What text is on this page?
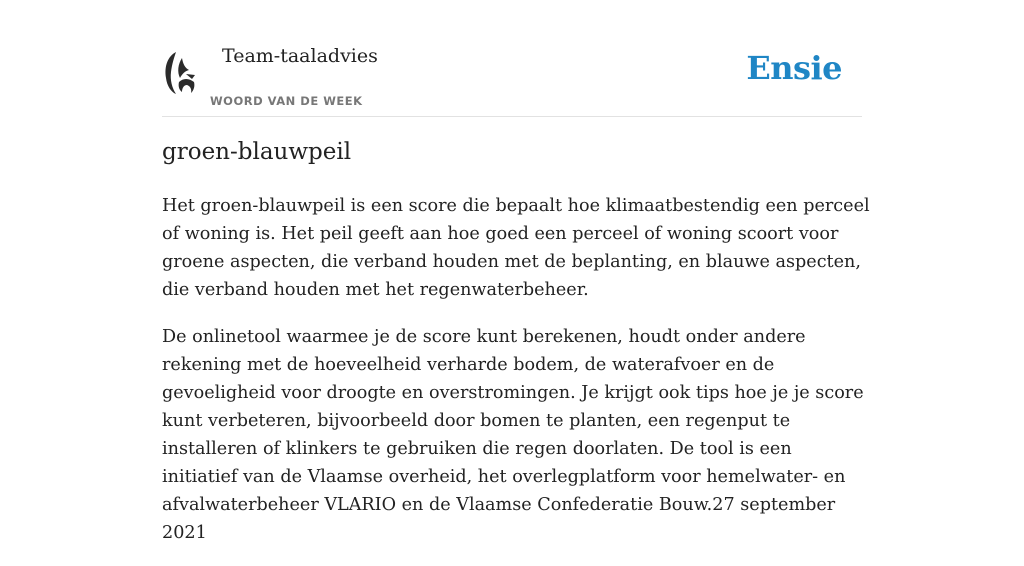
Team-taaladvies
WOORD VAN DE WEEK
Ensie
groen-blauwpeil

Het groen-blauwpeil is een score die bepaalt hoe klimaatbestendig een perceel of woning is. Het peil geeft aan hoe goed een perceel of woning scoort voor groene aspecten, die verband houden met de beplanting, en blauwe aspecten, die verband houden met het regenwaterbeheer.

De onlinetool waarmee je de score kunt berekenen, houdt onder andere rekening met de hoeveelheid verharde bodem, de waterafvoer en de gevoeligheid voor droogte en overstromingen. Je krijgt ook tips hoe je je score kunt verbeteren, bijvoorbeeld door bomen te planten, een regenput te installeren of klinkers te gebruiken die regen doorlaten. De tool is een initiatief van de Vlaamse overheid, het overlegplatform voor hemelwater- en afvalwaterbeheer VLARIO en de Vlaamse Confederatie Bouw.27 september 2021
